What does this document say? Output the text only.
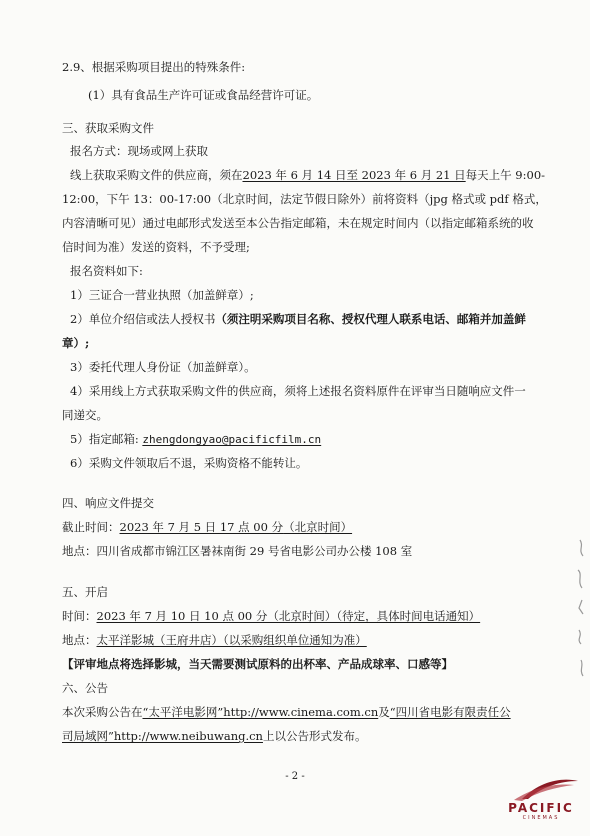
2.9、根据采购项目提出的特殊条件:
(1）具有食品生产许可证或食品经营许可证。
三、获取采购文件
报名方式：现场或网上获取
线上获取采购文件的供应商，须在2023 年 6 月 14 日至 2023 年 6 月 21 日每天上午 9:00-
12:00，下午 13：00-17:00（北京时间，法定节假日除外）前将资料（jpg 格式或 pdf 格式，
内容清晰可见）通过电邮形式发送至本公告指定邮箱，未在规定时间内（以指定邮箱系统的收
信时间为准）发送的资料，不予受理;
报名资料如下:
1）三证合一营业执照（加盖鲜章）;
2）单位介绍信或法人授权书（须注明采购项目名称、授权代理人联系电话、邮箱并加盖鲜
章）;
3）委托代理人身份证（加盖鲜章）。
4）采用线上方式获取采购文件的供应商，须将上述报名资料原件在评审当日随响应文件一
同递交。
5）指定邮箱: zhengdongyao@pacificfilm.cn
6）采购文件领取后不退，采购资格不能转让。
四、响应文件提交
截止时间：2023 年 7 月 5 日 17 点 00 分（北京时间）
地点：四川省成都市锦江区暑袜南街 29 号省电影公司办公楼 108 室
五、开启
时间：2023 年 7 月 10 日 10 点 00 分（北京时间）（待定，具体时间电话通知）
地点：太平洋影城（王府井店）（以采购组织单位通知为准）
【评审地点将选择影城，当天需要测试原料的出杯率、产品成球率、口感等】
六、公告
本次采购公告在“太平洋电影网”http://www.cinema.com.cn及“四川省电影有限责任公
司局域网”http://www.neibuwang.cn上以公告形式发布。
- 2 -
PACIFIC
CINEMAS
